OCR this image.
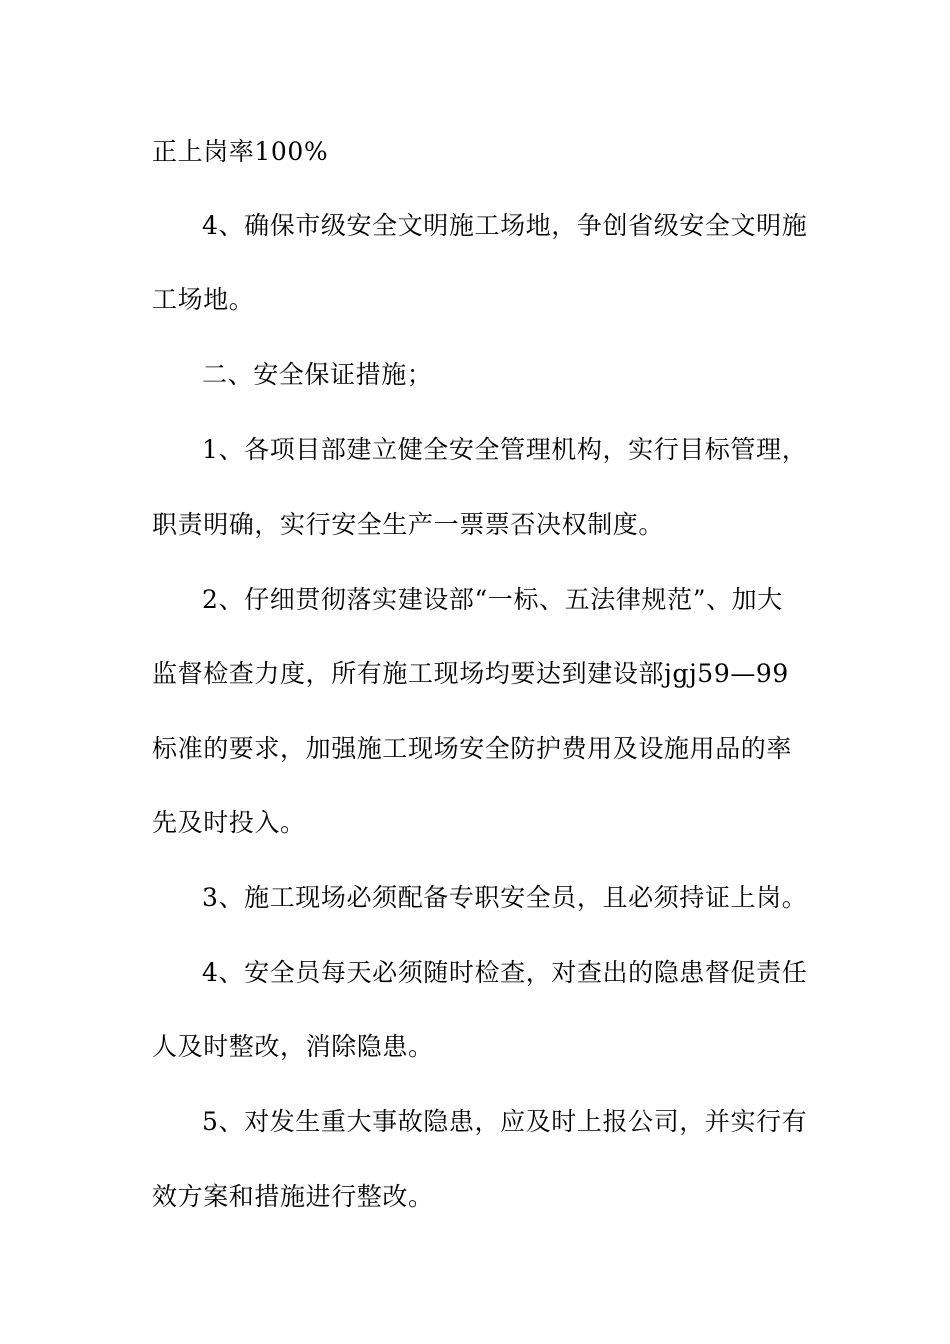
正上岗率100%
4、确保市级安全文明施工场地，争创省级安全文明施
工场地。
二、安全保证措施；
1、各项目部建立健全安全管理机构，实行目标管理，
职责明确，实行安全生产一票票否决权制度。
2、仔细贯彻落实建设部“一标、五法律规范”、加大
监督检查力度，所有施工现场均要达到建设部jgj59—99
标准的要求，加强施工现场安全防护费用及设施用品的率
先及时投入。
3、施工现场必须配备专职安全员，且必须持证上岗。
4、安全员每天必须随时检查，对查出的隐患督促责任
人及时整改，消除隐患。
5、对发生重大事故隐患，应及时上报公司，并实行有
效方案和措施进行整改。
